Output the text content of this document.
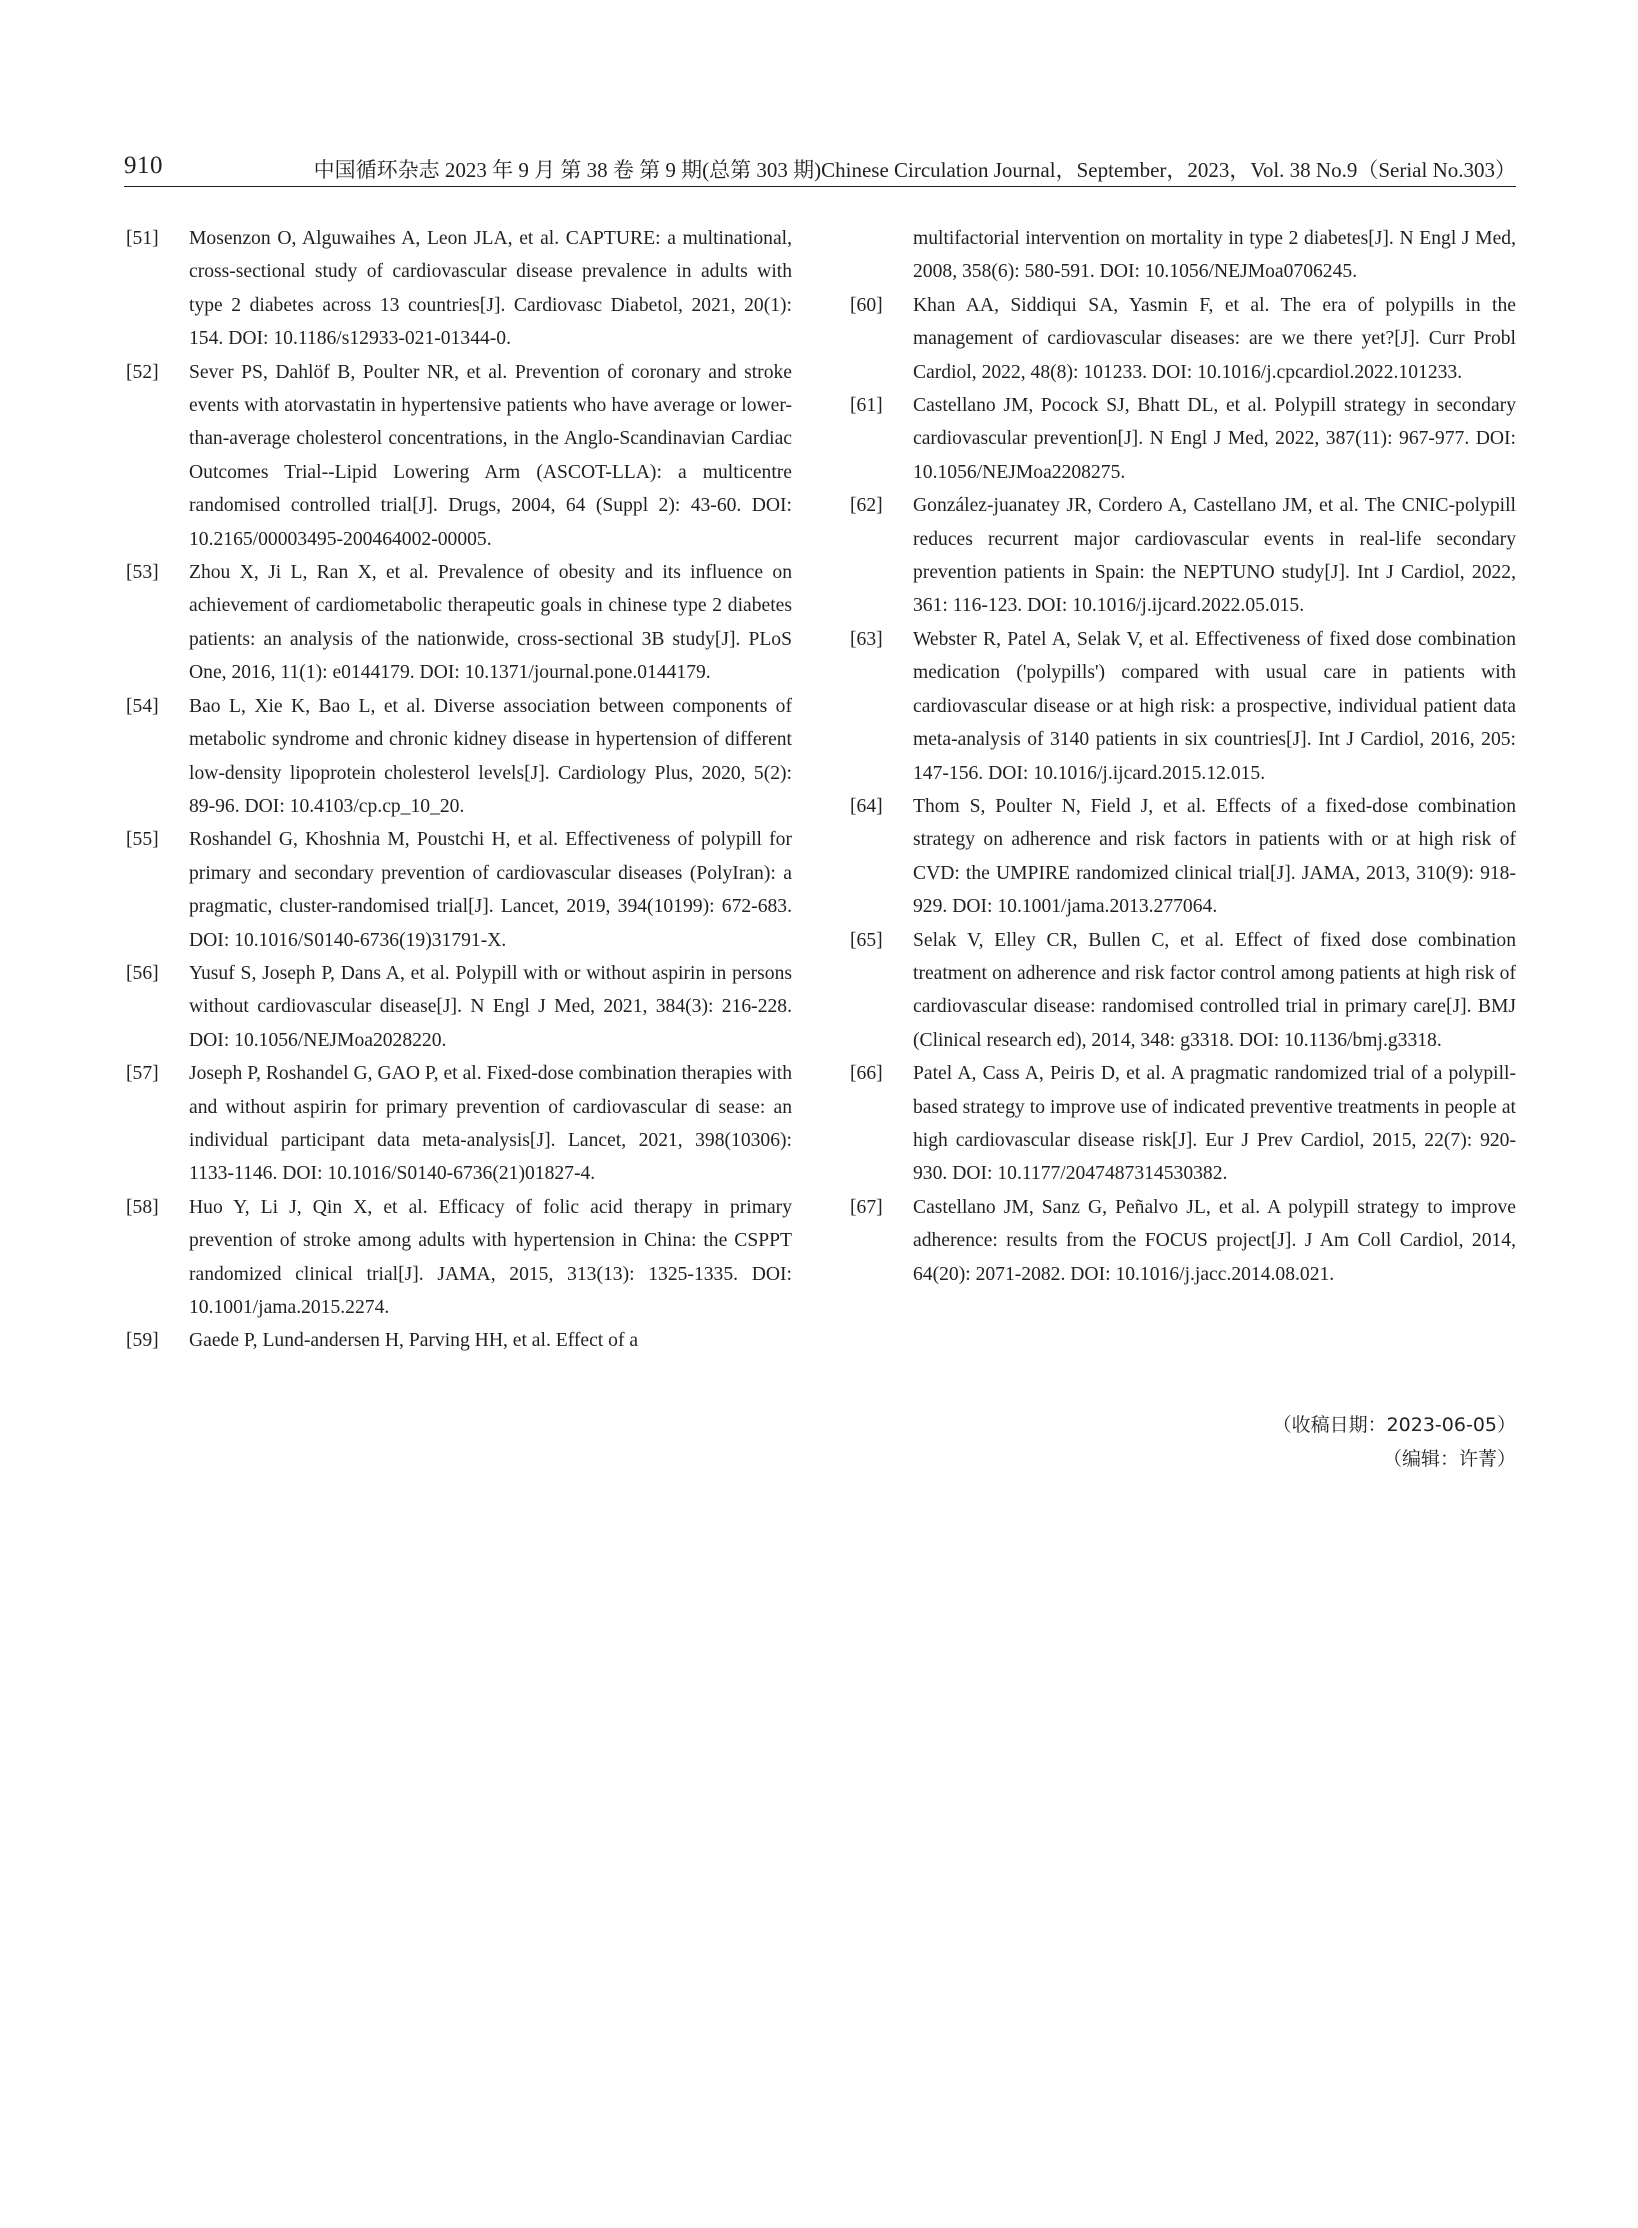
910	中国循环杂志 2023 年 9 月 第 38 卷 第 9 期(总第 303 期)Chinese Circulation Journal，September，2023，Vol. 38 No.9（Serial No.303）
[51]	Mosenzon O, Alguwaihes A, Leon JLA, et al. CAPTURE: a multinational, cross-sectional study of cardiovascular disease prevalence in adults with type 2 diabetes across 13 countries[J]. Cardiovasc Diabetol, 2021, 20(1): 154. DOI: 10.1186/s12933-021-01344-0.
[52]	Sever PS, Dahlöf B, Poulter NR, et al. Prevention of coronary and stroke events with atorvastatin in hypertensive patients who have average or lower-than-average cholesterol concentrations, in the Anglo-Scandinavian Cardiac Outcomes Trial--Lipid Lowering Arm (ASCOT-LLA): a multicentre randomised controlled trial[J]. Drugs, 2004, 64 (Suppl 2): 43-60. DOI: 10.2165/00003495-200464002-00005.
[53]	Zhou X, Ji L, Ran X, et al. Prevalence of obesity and its influence on achievement of cardiometabolic therapeutic goals in chinese type 2 diabetes patients: an analysis of the nationwide, cross-sectional 3B study[J]. PLoS One, 2016, 11(1): e0144179. DOI: 10.1371/journal.pone.0144179.
[54]	Bao L, Xie K, Bao L, et al. Diverse association between components of metabolic syndrome and chronic kidney disease in hypertension of different low-density lipoprotein cholesterol levels[J]. Cardiology Plus, 2020, 5(2): 89-96. DOI: 10.4103/cp.cp_10_20.
[55]	Roshandel G, Khoshnia M, Poustchi H, et al. Effectiveness of polypill for primary and secondary prevention of cardiovascular diseases (PolyIran): a pragmatic, cluster-randomised trial[J]. Lancet, 2019, 394(10199): 672-683. DOI: 10.1016/S0140-6736(19)31791-X.
[56]	Yusuf S, Joseph P, Dans A, et al. Polypill with or without aspirin in persons without cardiovascular disease[J]. N Engl J Med, 2021, 384(3): 216-228. DOI: 10.1056/NEJMoa2028220.
[57]	Joseph P, Roshandel G, GAO P, et al. Fixed-dose combination therapies with and without aspirin for primary prevention of cardiovascular di sease: an individual participant data meta-analysis[J]. Lancet, 2021, 398(10306): 1133-1146. DOI: 10.1016/S0140-6736(21)01827-4.
[58]	Huo Y, Li J, Qin X, et al. Efficacy of folic acid therapy in primary prevention of stroke among adults with hypertension in China: the CSPPT randomized clinical trial[J]. JAMA, 2015, 313(13): 1325-1335. DOI: 10.1001/jama.2015.2274.
[59]	Gaede P, Lund-andersen H, Parving HH, et al. Effect of a
multifactorial intervention on mortality in type 2 diabetes[J]. N Engl J Med, 2008, 358(6): 580-591. DOI: 10.1056/NEJMoa0706245.
[60]	Khan AA, Siddiqui SA, Yasmin F, et al. The era of polypills in the management of cardiovascular diseases: are we there yet?[J]. Curr Probl Cardiol, 2022, 48(8): 101233. DOI: 10.1016/j.cpcardiol.2022.101233.
[61]	Castellano JM, Pocock SJ, Bhatt DL, et al. Polypill strategy in secondary cardiovascular prevention[J]. N Engl J Med, 2022, 387(11): 967-977. DOI: 10.1056/NEJMoa2208275.
[62]	González-juanatey JR, Cordero A, Castellano JM, et al. The CNIC-polypill reduces recurrent major cardiovascular events in real-life secondary prevention patients in Spain: the NEPTUNO study[J]. Int J Cardiol, 2022, 361: 116-123. DOI: 10.1016/j.ijcard.2022.05.015.
[63]	Webster R, Patel A, Selak V, et al. Effectiveness of fixed dose combination medication ('polypills') compared with usual care in patients with cardiovascular disease or at high risk: a prospective, individual patient data meta-analysis of 3140 patients in six countries[J]. Int J Cardiol, 2016, 205: 147-156. DOI: 10.1016/j.ijcard.2015.12.015.
[64]	Thom S, Poulter N, Field J, et al. Effects of a fixed-dose combination strategy on adherence and risk factors in patients with or at high risk of CVD: the UMPIRE randomized clinical trial[J]. JAMA, 2013, 310(9): 918-929. DOI: 10.1001/jama.2013.277064.
[65]	Selak V, Elley CR, Bullen C, et al. Effect of fixed dose combination treatment on adherence and risk factor control among patients at high risk of cardiovascular disease: randomised controlled trial in primary care[J]. BMJ (Clinical research ed), 2014, 348: g3318. DOI: 10.1136/bmj.g3318.
[66]	Patel A, Cass A, Peiris D, et al. A pragmatic randomized trial of a polypill-based strategy to improve use of indicated preventive treatments in people at high cardiovascular disease risk[J]. Eur J Prev Cardiol, 2015, 22(7): 920-930. DOI: 10.1177/2047487314530382.
[67]	Castellano JM, Sanz G, Peñalvo JL, et al. A polypill strategy to improve adherence: results from the FOCUS project[J]. J Am Coll Cardiol, 2014, 64(20): 2071-2082. DOI: 10.1016/j.jacc.2014.08.021.
（收稿日期：2023-06-05）
（编辑：许菁）
